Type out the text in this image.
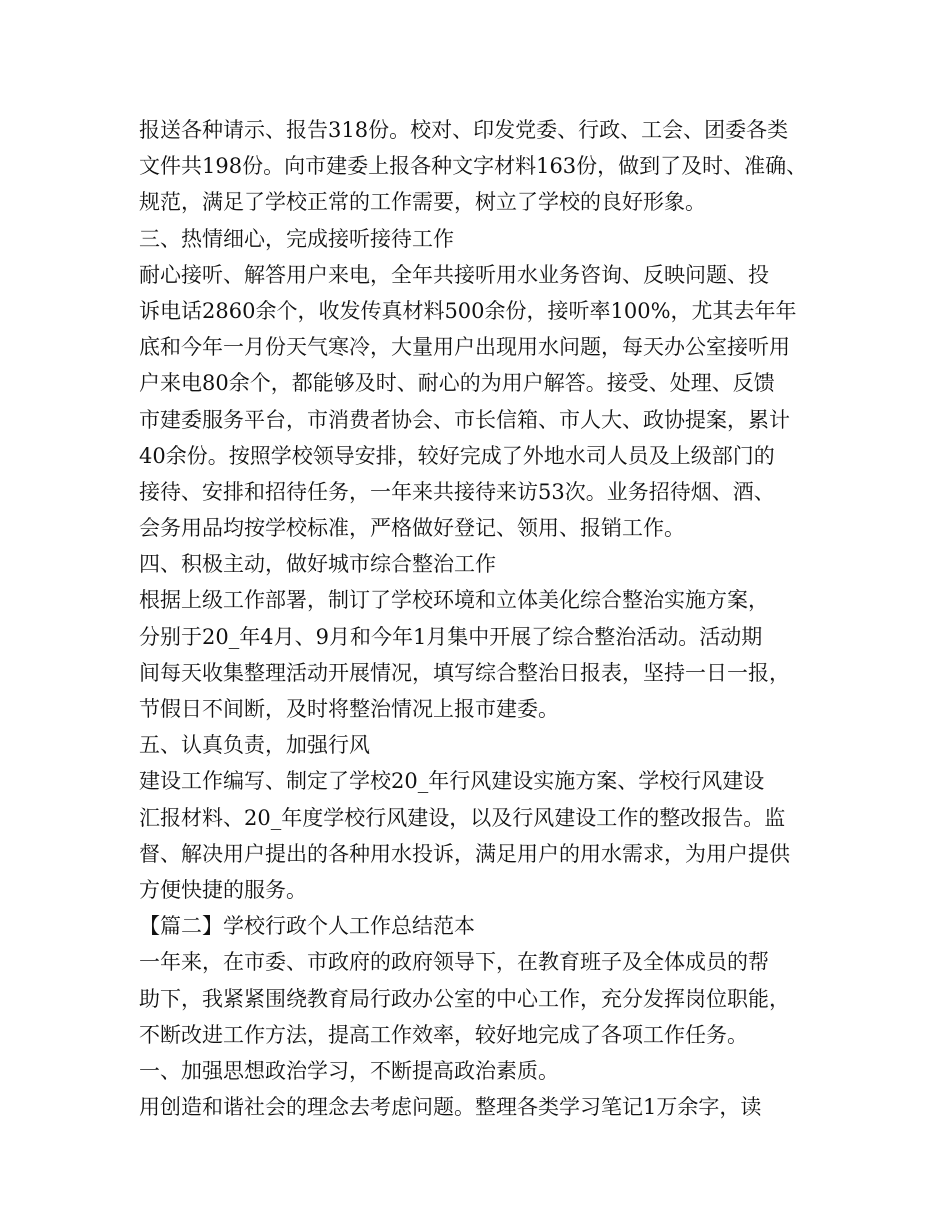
报送各种请示、报告318份。校对、印发党委、行政、工会、团委各类
文件共198份。向市建委上报各种文字材料163份，做到了及时、准确、
规范，满足了学校正常的工作需要，树立了学校的良好形象。
三、热情细心，完成接听接待工作
耐心接听、解答用户来电，全年共接听用水业务咨询、反映问题、投
诉电话2860余个，收发传真材料500余份，接听率100%，尤其去年年
底和今年一月份天气寒冷，大量用户出现用水问题，每天办公室接听用
户来电80余个，都能够及时、耐心的为用户解答。接受、处理、反馈
市建委服务平台，市消费者协会、市长信箱、市人大、政协提案，累计
40余份。按照学校领导安排，较好完成了外地水司人员及上级部门的
接待、安排和招待任务，一年来共接待来访53次。业务招待烟、酒、
会务用品均按学校标准，严格做好登记、领用、报销工作。
四、积极主动，做好城市综合整治工作
根据上级工作部署，制订了学校环境和立体美化综合整治实施方案，
分别于20_年4月、9月和今年1月集中开展了综合整治活动。活动期
间每天收集整理活动开展情况，填写综合整治日报表，坚持一日一报，
节假日不间断，及时将整治情况上报市建委。
五、认真负责，加强行风
建设工作编写、制定了学校20_年行风建设实施方案、学校行风建设
汇报材料、20_年度学校行风建设，以及行风建设工作的整改报告。监
督、解决用户提出的各种用水投诉，满足用户的用水需求，为用户提供
方便快捷的服务。
【篇二】学校行政个人工作总结范本
一年来，在市委、市政府的政府领导下，在教育班子及全体成员的帮
助下，我紧紧围绕教育局行政办公室的中心工作，充分发挥岗位职能，
不断改进工作方法，提高工作效率，较好地完成了各项工作任务。
一、加强思想政治学习，不断提高政治素质。
用创造和谐社会的理念去考虑问题。整理各类学习笔记1万余字，读
